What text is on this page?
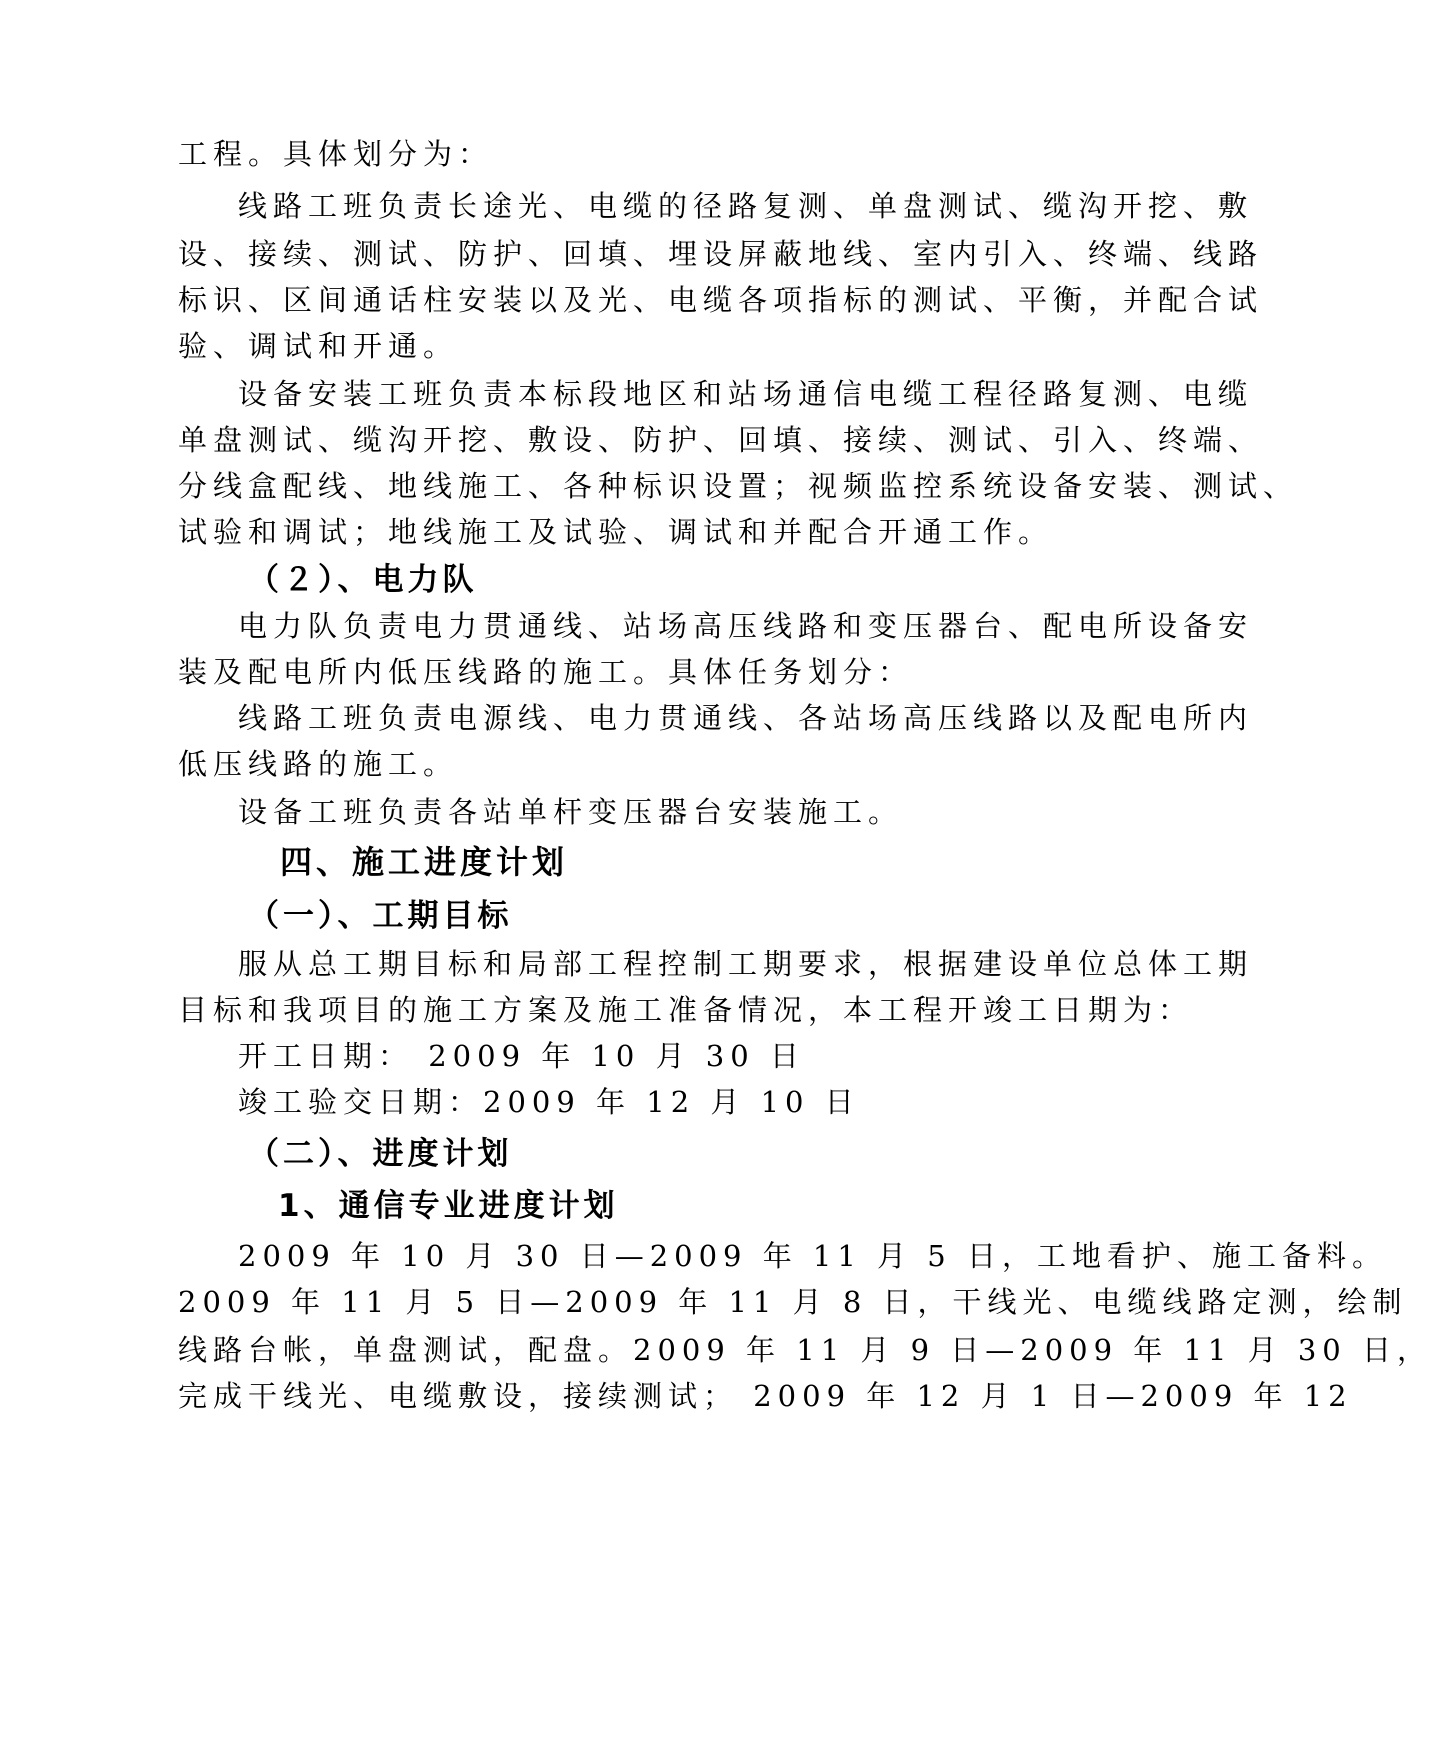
工程。具体划分为：
线路工班负责长途光、电缆的径路复测、单盘测试、缆沟开挖、敷
设、接续、测试、防护、回填、埋设屏蔽地线、室内引入、终端、线路
标识、区间通话柱安装以及光、电缆各项指标的测试、平衡，并配合试
验、调试和开通。
设备安装工班负责本标段地区和站场通信电缆工程径路复测、电缆
单盘测试、缆沟开挖、敷设、防护、回填、接续、测试、引入、终端、
分线盒配线、地线施工、各种标识设置；视频监控系统设备安装、测试、
试验和调试；地线施工及试验、调试和并配合开通工作。
（２）、电力队
电力队负责电力贯通线、站场高压线路和变压器台、配电所设备安
装及配电所内低压线路的施工。具体任务划分：
线路工班负责电源线、电力贯通线、各站场高压线路以及配电所内
低压线路的施工。
设备工班负责各站单杆变压器台安装施工。
四、施工进度计划
（一）、工期目标
服从总工期目标和局部工程控制工期要求，根据建设单位总体工期
目标和我项目的施工方案及施工准备情况，本工程开竣工日期为：
开工日期： 2009 年 10 月 30 日
竣工验交日期：2009 年 12 月 10 日
（二）、进度计划
1、通信专业进度计划
2009 年 10 月 30 日—2009 年 11 月 5 日，工地看护、施工备料。
2009 年 11 月 5 日—2009 年 11 月 8 日，干线光、电缆线路定测，绘制
线路台帐，单盘测试，配盘。2009 年 11 月 9 日—2009 年 11 月 30 日，
完成干线光、电缆敷设，接续测试； 2009 年 12 月 1 日—2009 年 12
